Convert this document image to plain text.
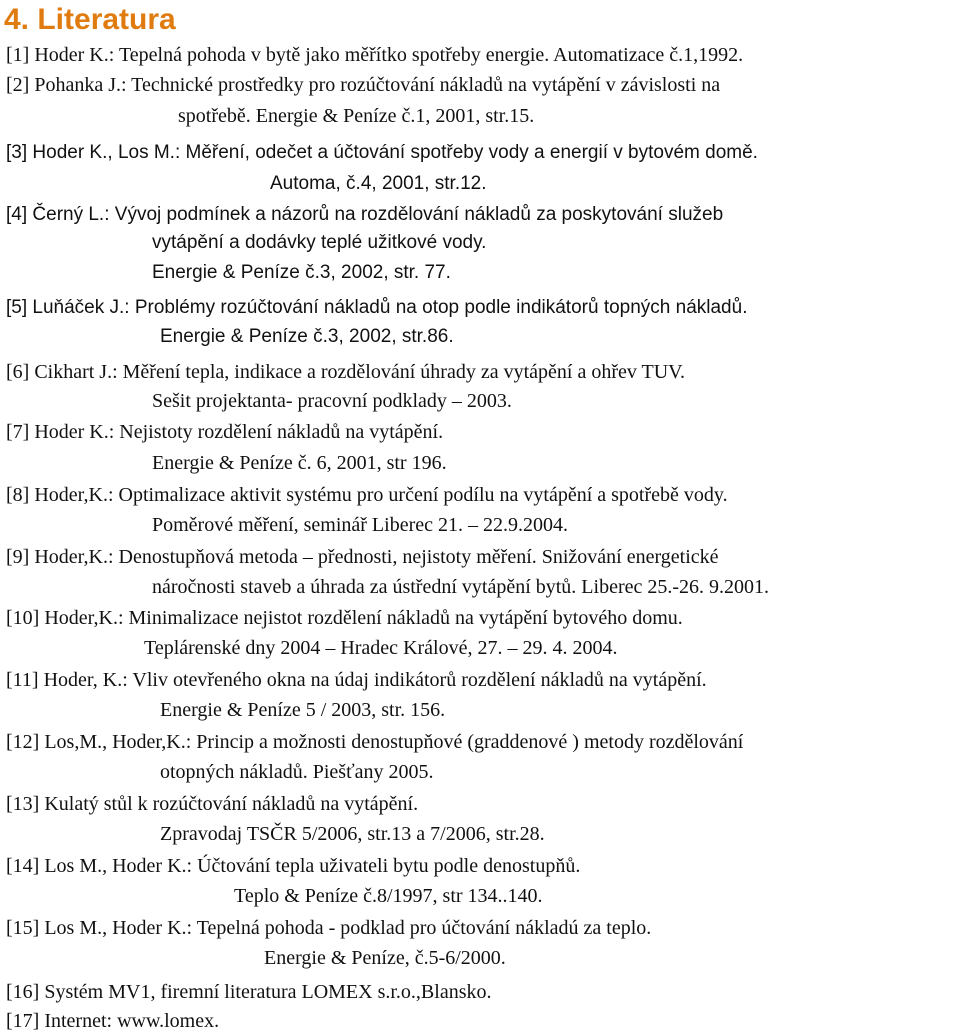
4. Literatura
[1] Hoder K.: Tepelná pohoda v bytě jako měřítko spotřeby energie. Automatizace č.1,1992.
[2] Pohanka J.: Technické prostředky pro rozúčtování nákladů na vytápění v závislosti na
spotřebě. Energie & Peníze č.1, 2001, str.15.
[3] Hoder K., Los M.: Měření, odečet a účtování spotřeby vody a energií v bytovém domě.
Automa, č.4, 2001, str.12.
[4] Černý L.: Vývoj podmínek a názorů na rozdělování nákladů za poskytování služeb
vytápění a dodávky teplé užitkové vody.
Energie & Peníze č.3, 2002, str. 77.
[5] Luňáček J.: Problémy rozúčtování nákladů na otop podle indikátorů topných nákladů.
Energie & Peníze č.3, 2002, str.86.
[6] Cikhart J.: Měření tepla, indikace a rozdělování úhrady za vytápění a ohřev TUV.
Sešit projektanta- pracovní podklady – 2003.
[7] Hoder K.: Nejistoty rozdělení nákladů na vytápění.
Energie & Peníze č. 6, 2001, str 196.
[8] Hoder,K.: Optimalizace aktivit systému pro určení podílu na vytápění a spotřebě vody.
Poměrové měření, seminář Liberec 21. – 22.9.2004.
[9] Hoder,K.: Denostupňová metoda – přednosti, nejistoty měření. Snižování energetické
náročnosti staveb a úhrada za ústřední vytápění bytů. Liberec 25.-26. 9.2001.
[10] Hoder,K.: Minimalizace nejistot rozdělení nákladů na vytápění bytového domu.
Teplárenské dny 2004 – Hradec Králové, 27. – 29. 4. 2004.
[11] Hoder, K.: Vliv otevřeného okna na údaj indikátorů rozdělení nákladů na vytápění.
Energie & Peníze 5 / 2003, str. 156.
[12] Los,M., Hoder,K.: Princip a možnosti denostupňové (graddenové ) metody rozdělování
otopných nákladů. Piešťany 2005.
[13] Kulatý stůl k rozúčtování nákladů na vytápění.
Zpravodaj TSČR 5/2006, str.13 a 7/2006, str.28.
[14] Los M., Hoder K.: Účtování tepla uživateli bytu podle denostupňů.
Teplo & Peníze č.8/1997, str 134..140.
[15] Los M., Hoder K.: Tepelná pohoda - podklad pro účtování nákladú za teplo.
Energie & Peníze, č.5-6/2000.
[16] Systém MV1, firemní literatura LOMEX s.r.o.,Blansko.
[17] Internet: www.lomex.
